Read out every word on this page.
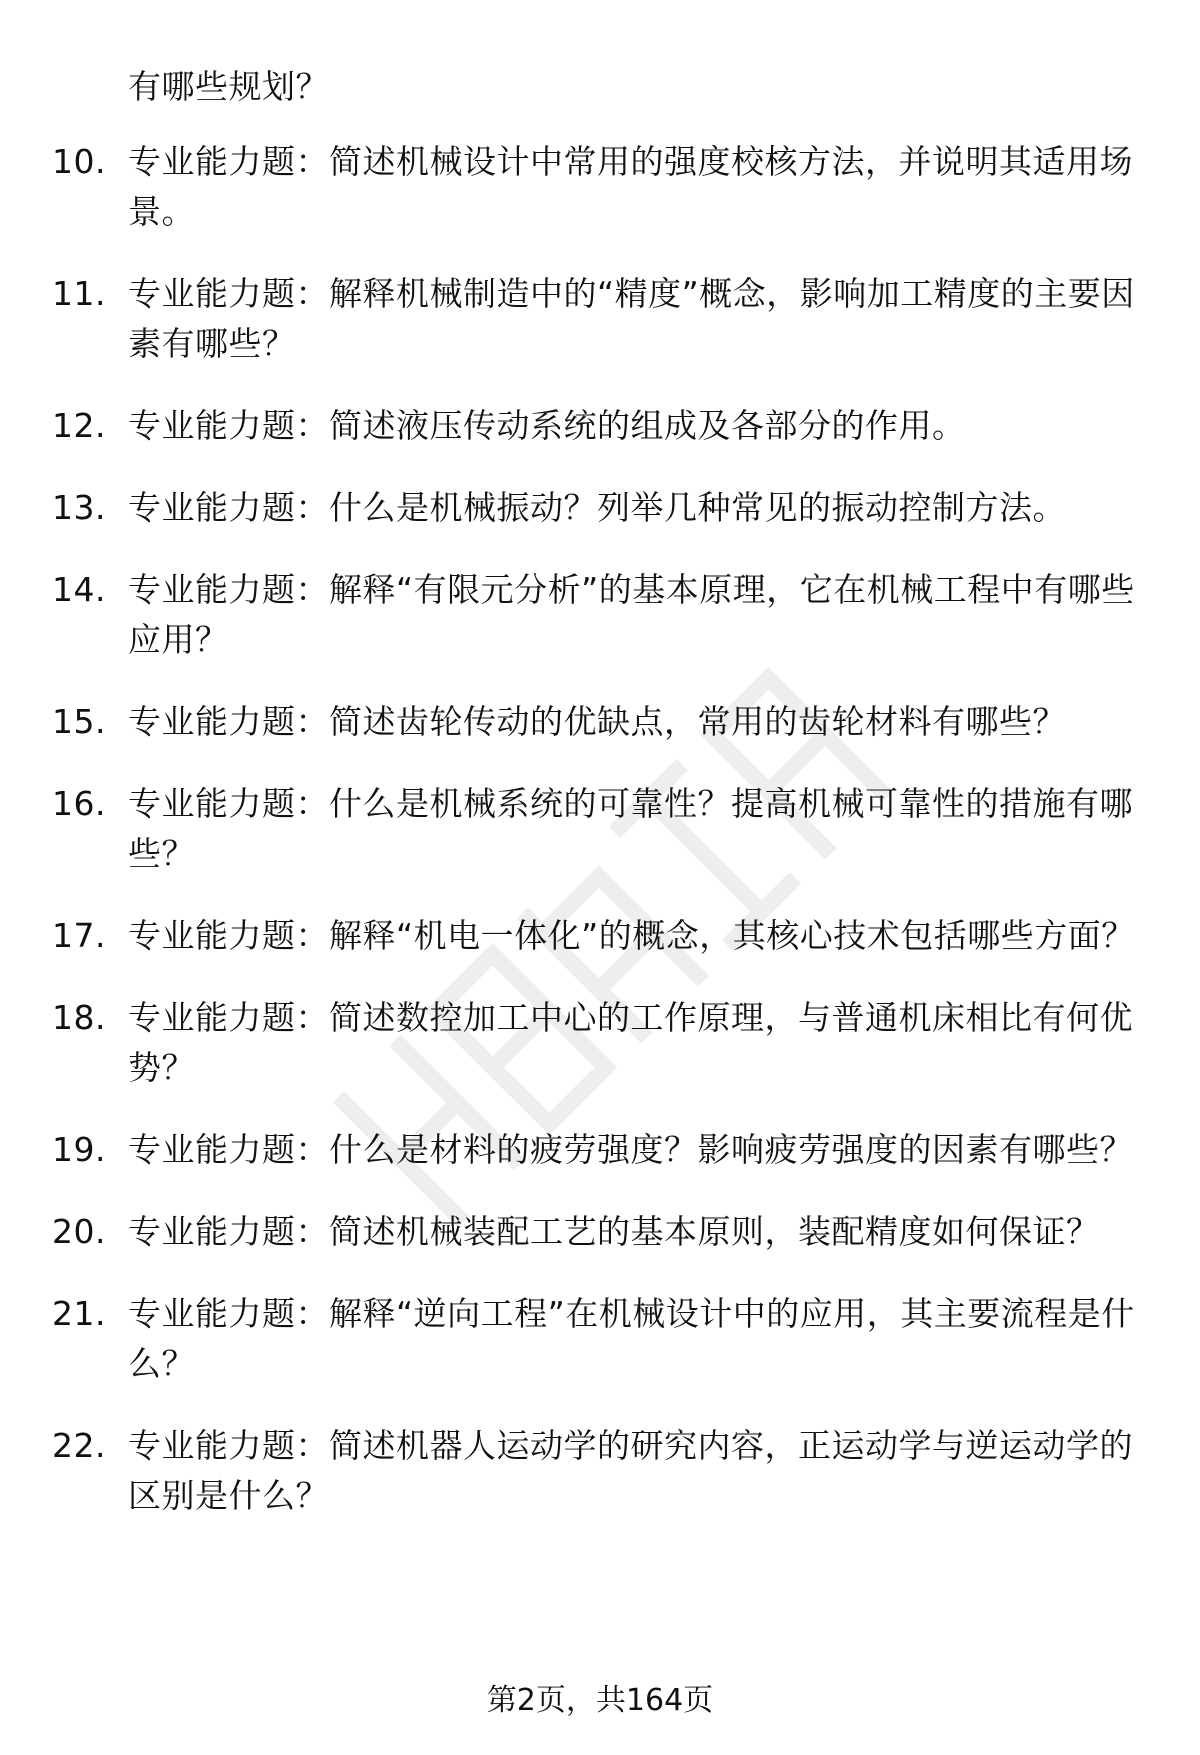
有哪些规划？
10. 专业能力题：简述机械设计中常用的强度校核方法，并说明其适用场景。
11. 专业能力题：解释机械制造中的“精度”概念，影响加工精度的主要因素有哪些？
12. 专业能力题：简述液压传动系统的组成及各部分的作用。
13. 专业能力题：什么是机械振动？列举几种常见的振动控制方法。
14. 专业能力题：解释“有限元分析”的基本原理，它在机械工程中有哪些应用？
15. 专业能力题：简述齿轮传动的优缺点，常用的齿轮材料有哪些？
16. 专业能力题：什么是机械系统的可靠性？提高机械可靠性的措施有哪些？
17. 专业能力题：解释“机电一体化”的概念，其核心技术包括哪些方面？
18. 专业能力题：简述数控加工中心的工作原理，与普通机床相比有何优势？
19. 专业能力题：什么是材料的疲劳强度？影响疲劳强度的因素有哪些？
20. 专业能力题：简述机械装配工艺的基本原则，装配精度如何保证？
21. 专业能力题：解释“逆向工程”在机械设计中的应用，其主要流程是什么？
22. 专业能力题：简述机器人运动学的研究内容，正运动学与逆运动学的区别是什么？
第2页，共164页
